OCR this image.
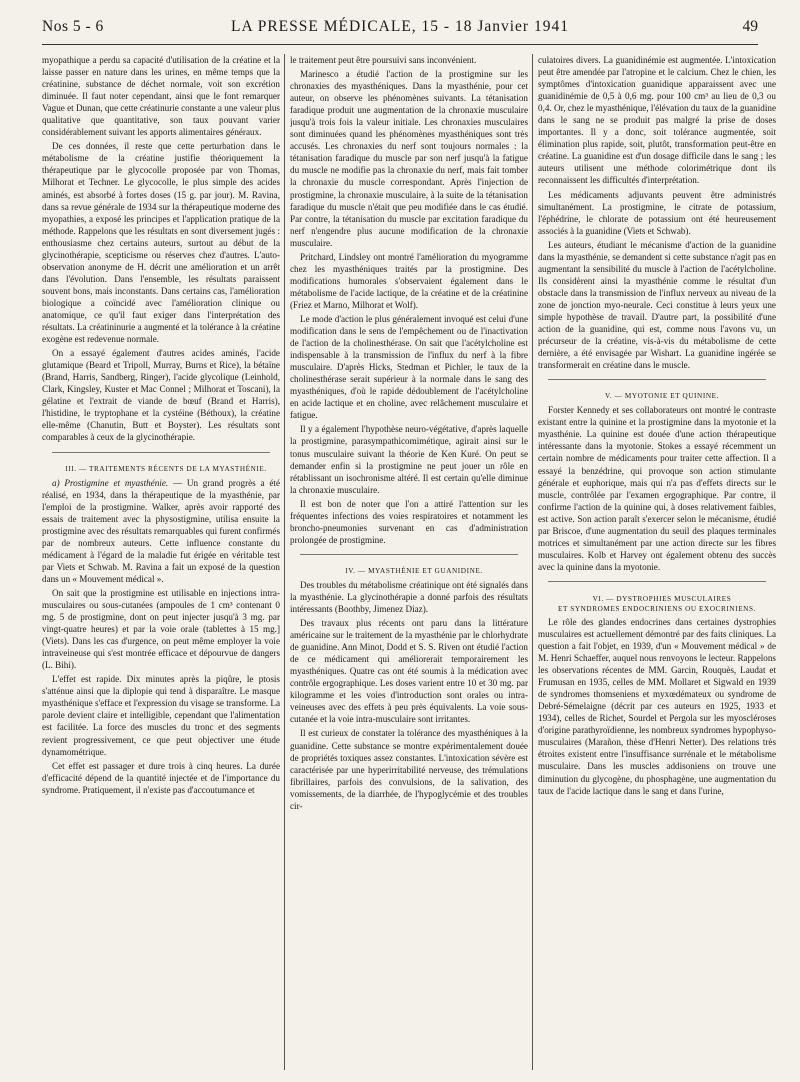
Nos 5 - 6	LA PRESSE MÉDICALE, 15 - 18 Janvier 1941	49

myopathique a perdu sa capacité d'utilisation de la créatine et la laisse passer en nature dans les urines, en même temps que la créatinine, substance de déchet normale, voit son excrétion diminuée. Il faut noter cependant, ainsi que le font remarquer Vague et Dunan, que cette créatinurie constante a une valeur plus qualitative que quantitative, son taux pouvant varier considérablement suivant les apports alimentaires généraux.

De ces données, il reste que cette perturbation dans le métabolisme de la créatine justifie théoriquement la thérapeutique par le glycocolle proposée par von Thomas, Milhorat et Techner. Le glycocolle, le plus simple des acides aminés, est absorbé à fortes doses (15 g. par jour). M. Ravina, dans sa revue générale de 1934 sur la thérapeutique moderne des myopathies, a exposé les principes et l'application pratique de la méthode. Rappelons que les résultats en sont diversement jugés : enthousiasme chez certains auteurs, surtout au début de la glycinothérapie, scepticisme ou réserves chez d'autres. L'auto-observation anonyme de H. décrit une amélioration et un arrêt dans l'évolution. Dans l'ensemble, les résultats paraissent souvent bons, mais inconstants. Dans certains cas, l'amélioration biologique a coïncidé avec l'amélioration clinique ou anatomique, ce qu'il faut exiger dans l'interprétation des résultats. La créatininurie a augmenté et la tolérance à la créatine exogène est redevenue normale.

On a essayé également d'autres acides aminés, l'acide glutamique (Beard et Tripoll, Murray, Burns et Rice), la bétaïne (Brand, Harris, Sandberg, Ringer), l'acide glycolique (Leinhold, Clark, Kingsley, Kuster et Mac Connel ; Milhorat et Toscani), la gélatine et l'extrait de viande de bœuf (Brand et Harris), l'histidine, le tryptophane et la cystéine (Béthoux), la créatine elle-même (Chanutin, Butt et Boyster). Les résultats sont comparables à ceux de la glycinothérapie.

III. — TRAITEMENTS RÉCENTS DE LA MYASTHÉNIE.

a) Prostigmine et myasthénie. — Un grand progrès a été réalisé, en 1934, dans la thérapeutique de la myasthénie, par l'emploi de la prostigmine. Walker, après avoir rapporté des essais de traitement avec la physostigmine, utilisa ensuite la prostigmine avec des résultats remarquables qui furent confirmés par de nombreux auteurs. Cette influence constante du médicament à l'égard de la maladie fut érigée en véritable test par Viets et Schwab. M. Ravina a fait un exposé de la question dans un « Mouvement médical ».

On sait que la prostigmine est utilisable en injections intra-musculaires ou sous-cutanées (ampoules de 1 cm³ contenant 0 mg. 5 de prostigmine, dont on peut injecter jusqu'à 3 mg. par vingt-quatre heures) et par la voie orale (tablettes à 15 mg.] (Viets). Dans les cas d'urgence, on peut même employer la voie intraveineuse qui s'est montrée efficace et dépourvue de dangers (L. Bihi).

L'effet est rapide. Dix minutes après la piqûre, le ptosis s'atténue ainsi que la diplopie qui tend à disparaître. Le masque myasthénique s'efface et l'expression du visage se transforme. La parole devient claire et intelligible, cependant que l'alimentation est facilitée. La force des muscles du tronc et des segments revient progressivement, ce que peut objectiver une étude dynamométrique.

Cet effet est passager et dure trois à cinq heures. La durée d'efficacité dépend de la quantité injectée et de l'importance du syndrome. Pratiquement, il n'existe pas d'accoutumance et

le traitement peut être poursuivi sans inconvénient.

Marinesco a étudié l'action de la prostigmine sur les chronaxies des myasthéniques. Dans la myasthénie, pour cet auteur, on observe les phénomènes suivants. La tétanisation faradique produit une augmentation de la chronaxie musculaire jusqu'à trois fois la valeur initiale. Les chronaxies musculaires sont diminuées quand les phénomènes myasthéniques sont très accusés. Les chronaxies du nerf sont toujours normales : la tétanisation faradique du muscle par son nerf jusqu'à la fatigue du muscle ne modifie pas la chronaxie du nerf, mais fait tomber la chronaxie du muscle correspondant. Après l'injection de prostigmine, la chronaxie musculaire, à la suite de la tétanisation faradique du muscle n'était que peu modifiée dans le cas étudié. Par contre, la tétanisation du muscle par excitation faradique du nerf n'engendre plus aucune modification de la chronaxie musculaire.

Pritchard, Lindsley ont montré l'amélioration du myogramme chez les myasthéniques traités par la prostigmine. Des modifications humorales s'observaient également dans le métabolisme de l'acide lactique, de la créatine et de la créatinine (Friez et Marno, Milhorat et Wolf).

Le mode d'action le plus généralement invoqué est celui d'une modification dans le sens de l'empêchement ou de l'inactivation de l'action de la cholinesthérase. On sait que l'acétylcholine est indispensable à la transmission de l'influx du nerf à la fibre musculaire. D'après Hicks, Stedman et Pichler, le taux de la cholinesthérase serait supérieur à la normale dans le sang des myasthéniques, d'où le rapide dédoublement de l'acétylcholine en acide lactique et en choline, avec relâchement musculaire et fatigue.

Il y a également l'hypothèse neuro-végétative, d'après laquelle la prostigmine, parasympathicomimétique, agirait ainsi sur le tonus musculaire suivant la théorie de Ken Kuré. On peut se demander enfin si la prostigmine ne peut jouer un rôle en rétablissant un isochronisme altéré. Il est certain qu'elle diminue la chronaxie musculaire.

Il est bon de noter que l'on a attiré l'attention sur les fréquentes infections des voies respiratoires et notamment les broncho-pneumonies survenant en cas d'administration prolongée de prostigmine.

IV. — MYASTHÉNIE ET GUANIDINE.

Des troubles du métabolisme créatinique ont été signalés dans la myasthénie. La glycinothérapie a donné parfois des résultats intéressants (Boothby, Jimenez Diaz).

Des travaux plus récents ont paru dans la littérature américaine sur le traitement de la myasthénie par le chlorhydrate de guanidine. Ann Minot, Dodd et S. S. Riven ont étudié l'action de ce médicament qui améliorerait temporairement les myasthéniques. Quatre cas ont été soumis à la médication avec contrôle ergographique. Les doses varient entre 10 et 30 mg. par kilogramme et les voies d'introduction sont orales ou intra-veineuses avec des effets à peu près équivalents. La voie sous-cutanée et la voie intra-musculaire sont irritantes.

Il est curieux de constater la tolérance des myasthéniques à la guanidine. Cette substance se montre expérimentalement douée de propriétés toxiques assez constantes. L'intoxication sévère est caractérisée par une hyperirritabilité nerveuse, des trémulations fibrillaires, parfois des convulsions, de la salivation, des vomissements, de la diarrhée, de l'hypoglycémie et des troubles cir-

culatoires divers. La guanidinémie est augmentée. L'intoxication peut être amendée par l'atropine et le calcium. Chez le chien, les symptômes d'intoxication guanidique apparaissent avec une guanidinémie de 0,5 à 0,6 mg. pour 100 cm³ au lieu de 0,3 ou 0,4. Or, chez le myasthénique, l'élévation du taux de la guanidine dans le sang ne se produit pas malgré la prise de doses importantes. Il y a donc, soit tolérance augmentée, soit élimination plus rapide, soit, plutôt, transformation peut-être en créatine. La guanidine est d'un dosage difficile dans le sang ; les auteurs utilisent une méthode colorimétrique dont ils reconnaissent les difficultés d'interprétation.

Les médicaments adjuvants peuvent être administrés simultanément. La prostigmine, le citrate de potassium, l'éphédrine, le chlorate de potassium ont été heureusement associés à la guanidine (Viets et Schwab).

Les auteurs, étudiant le mécanisme d'action de la guanidine dans la myasthénie, se demandent si cette substance n'agit pas en augmentant la sensibilité du muscle à l'action de l'acétylcholine. Ils considèrent ainsi la myasthénie comme le résultat d'un obstacle dans la transmission de l'influx nerveux au niveau de la zone de jonction myo-neurale. Ceci constitue à leurs yeux une simple hypothèse de travail. D'autre part, la possibilité d'une action de la guanidine, qui est, comme nous l'avons vu, un précurseur de la créatine, vis-à-vis du métabolisme de cette dernière, a été envisagée par Wishart. La guanidine ingérée se transformerait en créatine dans le muscle.

V. — MYOTONIE ET QUININE.

Forster Kennedy et ses collaborateurs ont montré le contraste existant entre la quinine et la prostigmine dans la myotonie et la myasthénie. La quinine est douée d'une action thérapeutique intéressante dans la myotonie. Stokes a essayé récemment un certain nombre de médicaments pour traiter cette affection. Il a essayé la benzédrine, qui provoque son action stimulante générale et euphorique, mais qui n'a pas d'effets directs sur le muscle, contrôlée par l'examen ergographique. Par contre, il confirme l'action de la quinine qui, à doses relativement faibles, est active. Son action paraît s'exercer selon le mécanisme, étudié par Briscoe, d'une augmentation du seuil des plaques terminales motrices et simultanément par une action directe sur les fibres musculaires. Kolb et Harvey ont également obtenu des succès avec la quinine dans la myotonie.

VI. — DYSTROPHIES MUSCULAIRES
ET SYNDROMES ENDOCRINIENS OU EXOCRINIENS.

Le rôle des glandes endocrines dans certaines dystrophies musculaires est actuellement démontré par des faits cliniques. La question a fait l'objet, en 1939, d'un « Mouvement médical » de M. Henri Schaeffer, auquel nous renvoyons le lecteur. Rappelons les observations récentes de MM. Garcin, Rouquès, Laudat et Frumusan en 1935, celles de MM. Mollaret et Sigwald en 1939 de syndromes thomseniens et myxœdémateux ou syndrome de Debré-Sémelaigne (décrit par ces auteurs en 1925, 1933 et 1934), celles de Richet, Sourdel et Pergola sur les myoscléroses d'origine parathyroïdienne, les nombreux syndromes hypophyso-musculaires (Marañon, thèse d'Henri Netter). Des relations très étroites existent entre l'insuffisance surrénale et le métabolisme musculaire. Dans les muscles addisoniens on trouve une diminution du glycogène, du phosphagène, une augmentation du taux de l'acide lactique dans le sang et dans l'urine,
